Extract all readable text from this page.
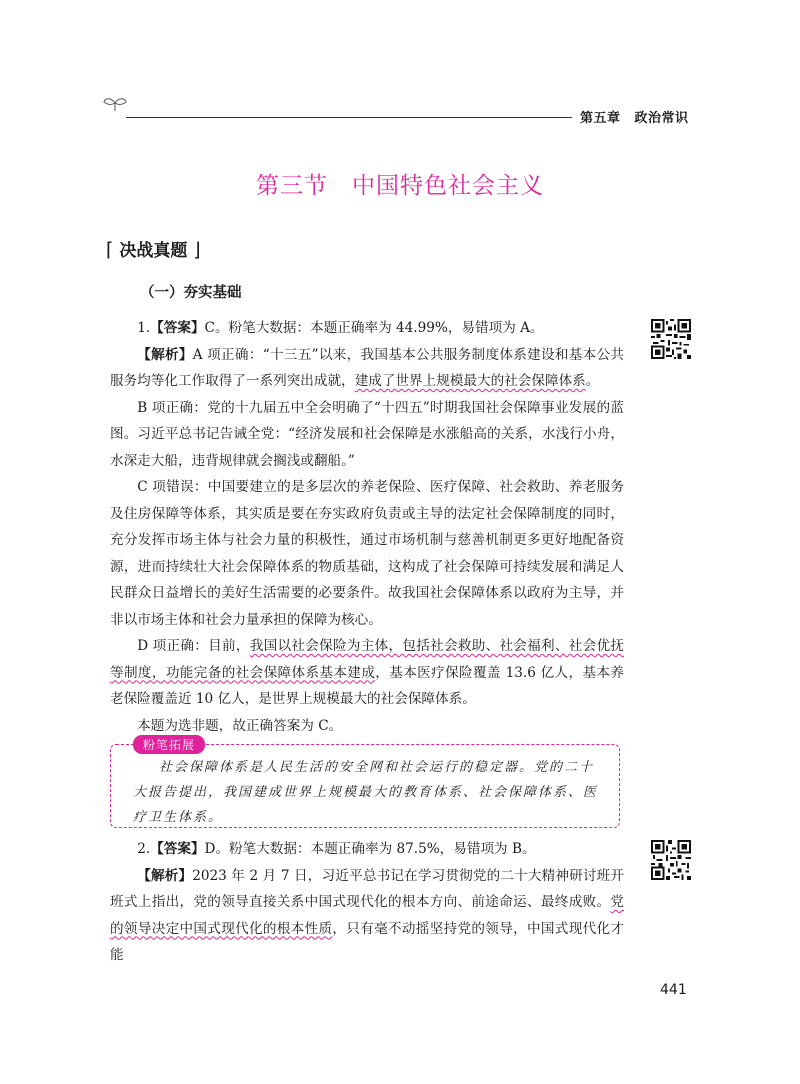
第五章 政治常识
第三节　中国特色社会主义
⌈ 决战真题 ⌋
（一）夯实基础

1.【答案】C。粉笔大数据：本题正确率为 44.99%，易错项为 A。

【解析】A 项正确：“十三五”以来，我国基本公共服务制度体系建设和基本公共服务均等化工作取得了一系列突出成就，建成了世界上规模最大的社会保障体系。

B 项正确：党的十九届五中全会明确了“十四五”时期我国社会保障事业发展的蓝图。习近平总书记告诫全党：“经济发展和社会保障是水涨船高的关系，水浅行小舟，水深走大船，违背规律就会搁浅或翻船。”

C 项错误：中国要建立的是多层次的养老保险、医疗保障、社会救助、养老服务及住房保障等体系，其实质是要在夯实政府负责或主导的法定社会保障制度的同时，充分发挥市场主体与社会力量的积极性，通过市场机制与慈善机制更多更好地配备资源，进而持续壮大社会保障体系的物质基础，这构成了社会保障可持续发展和满足人民群众日益增长的美好生活需要的必要条件。故我国社会保障体系以政府为主导，并非以市场主体和社会力量承担的保障为核心。

D 项正确：目前，我国以社会保险为主体，包括社会救助、社会福利、社会优抚等制度，功能完备的社会保障体系基本建成，基本医疗保险覆盖 13.6 亿人，基本养老保险覆盖近 10 亿人，是世界上规模最大的社会保障体系。

本题为选非题，故正确答案为 C。

粉笔拓展
社会保障体系是人民生活的安全网和社会运行的稳定器。党的二十大报告提出，我国建成世界上规模最大的教育体系、社会保障体系、医疗卫生体系。

2.【答案】D。粉笔大数据：本题正确率为 87.5%，易错项为 B。

【解析】2023 年 2 月 7 日，习近平总书记在学习贯彻党的二十大精神研讨班开班式上指出，党的领导直接关系中国式现代化的根本方向、前途命运、最终成败。党的领导决定中国式现代化的根本性质，只有毫不动摇坚持党的领导，中国式现代化才能

441
